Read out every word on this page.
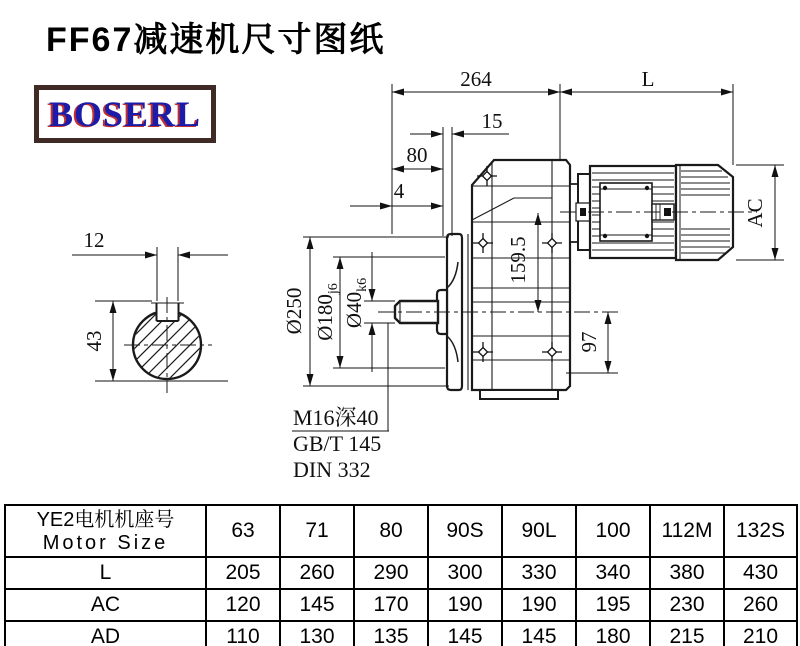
FF67减速机尺寸图纸
BOSERL
264	L
15
80
4
AC
159.5
97
Ø250 $Ø180_{j6}$
$Ø40_{k6}$
12
43
M16深40
GB/T 145
DIN 332
YE2电机机座号
Motor Size	63	71	80	90S	90L	100	112M	132S
L	205	260	290	300	330	340	380	430
AC	120	145	170	190	190	195	230	260
AD	110	130	135	145	145	180	215	210
